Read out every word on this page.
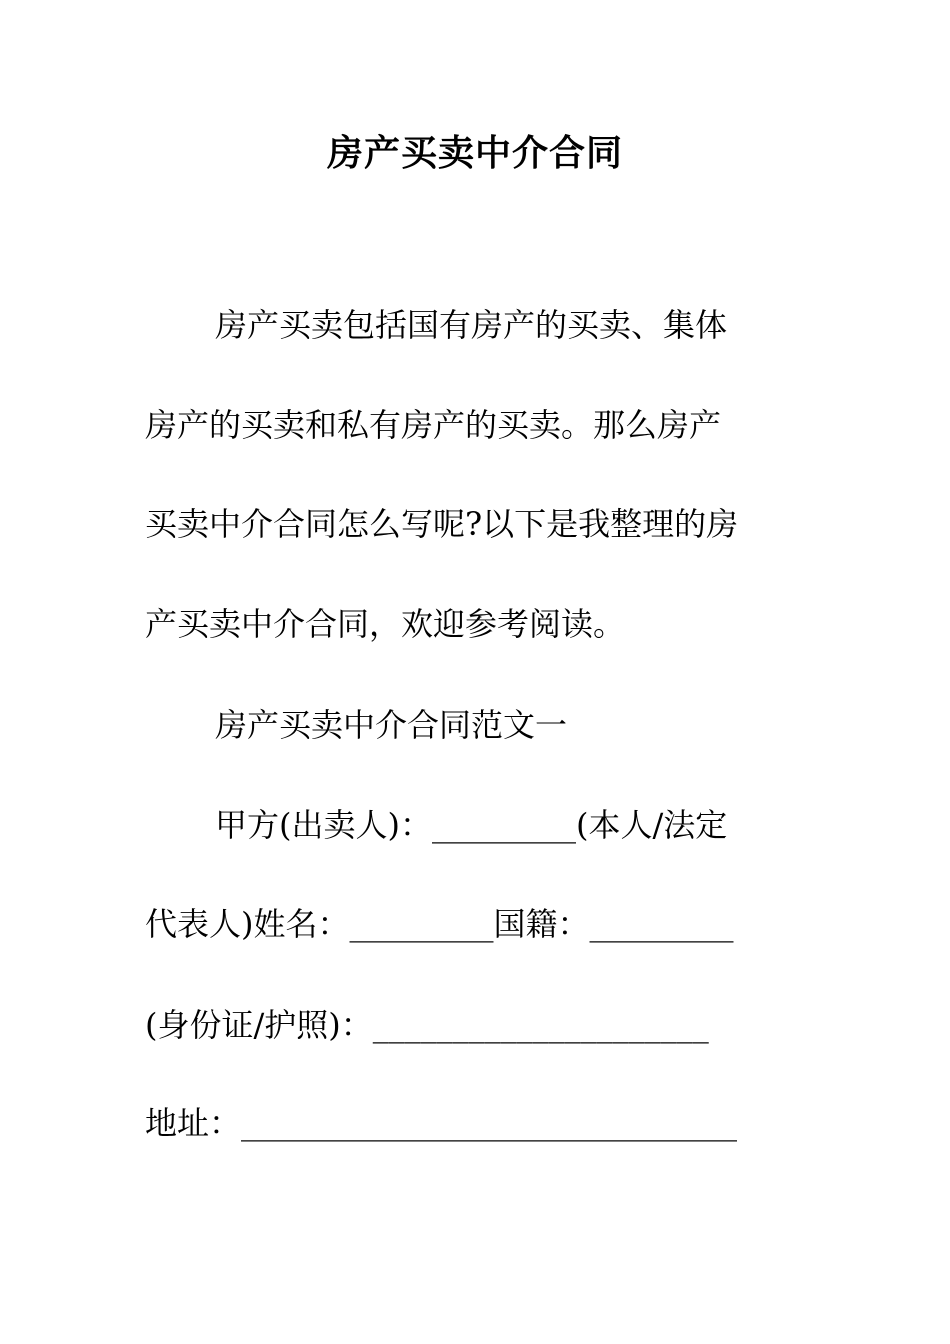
房产买卖中介合同
房产买卖包括国有房产的买卖、集体
房产的买卖和私有房产的买卖。那么房产
买卖中介合同怎么写呢?以下是我整理的房
产买卖中介合同，欢迎参考阅读。
房产买卖中介合同范文一
甲方(出卖人)：_________(本人/法定
代表人)姓名：_________国籍：_________
(身份证/护照)：_____________________
地址：_______________________________
